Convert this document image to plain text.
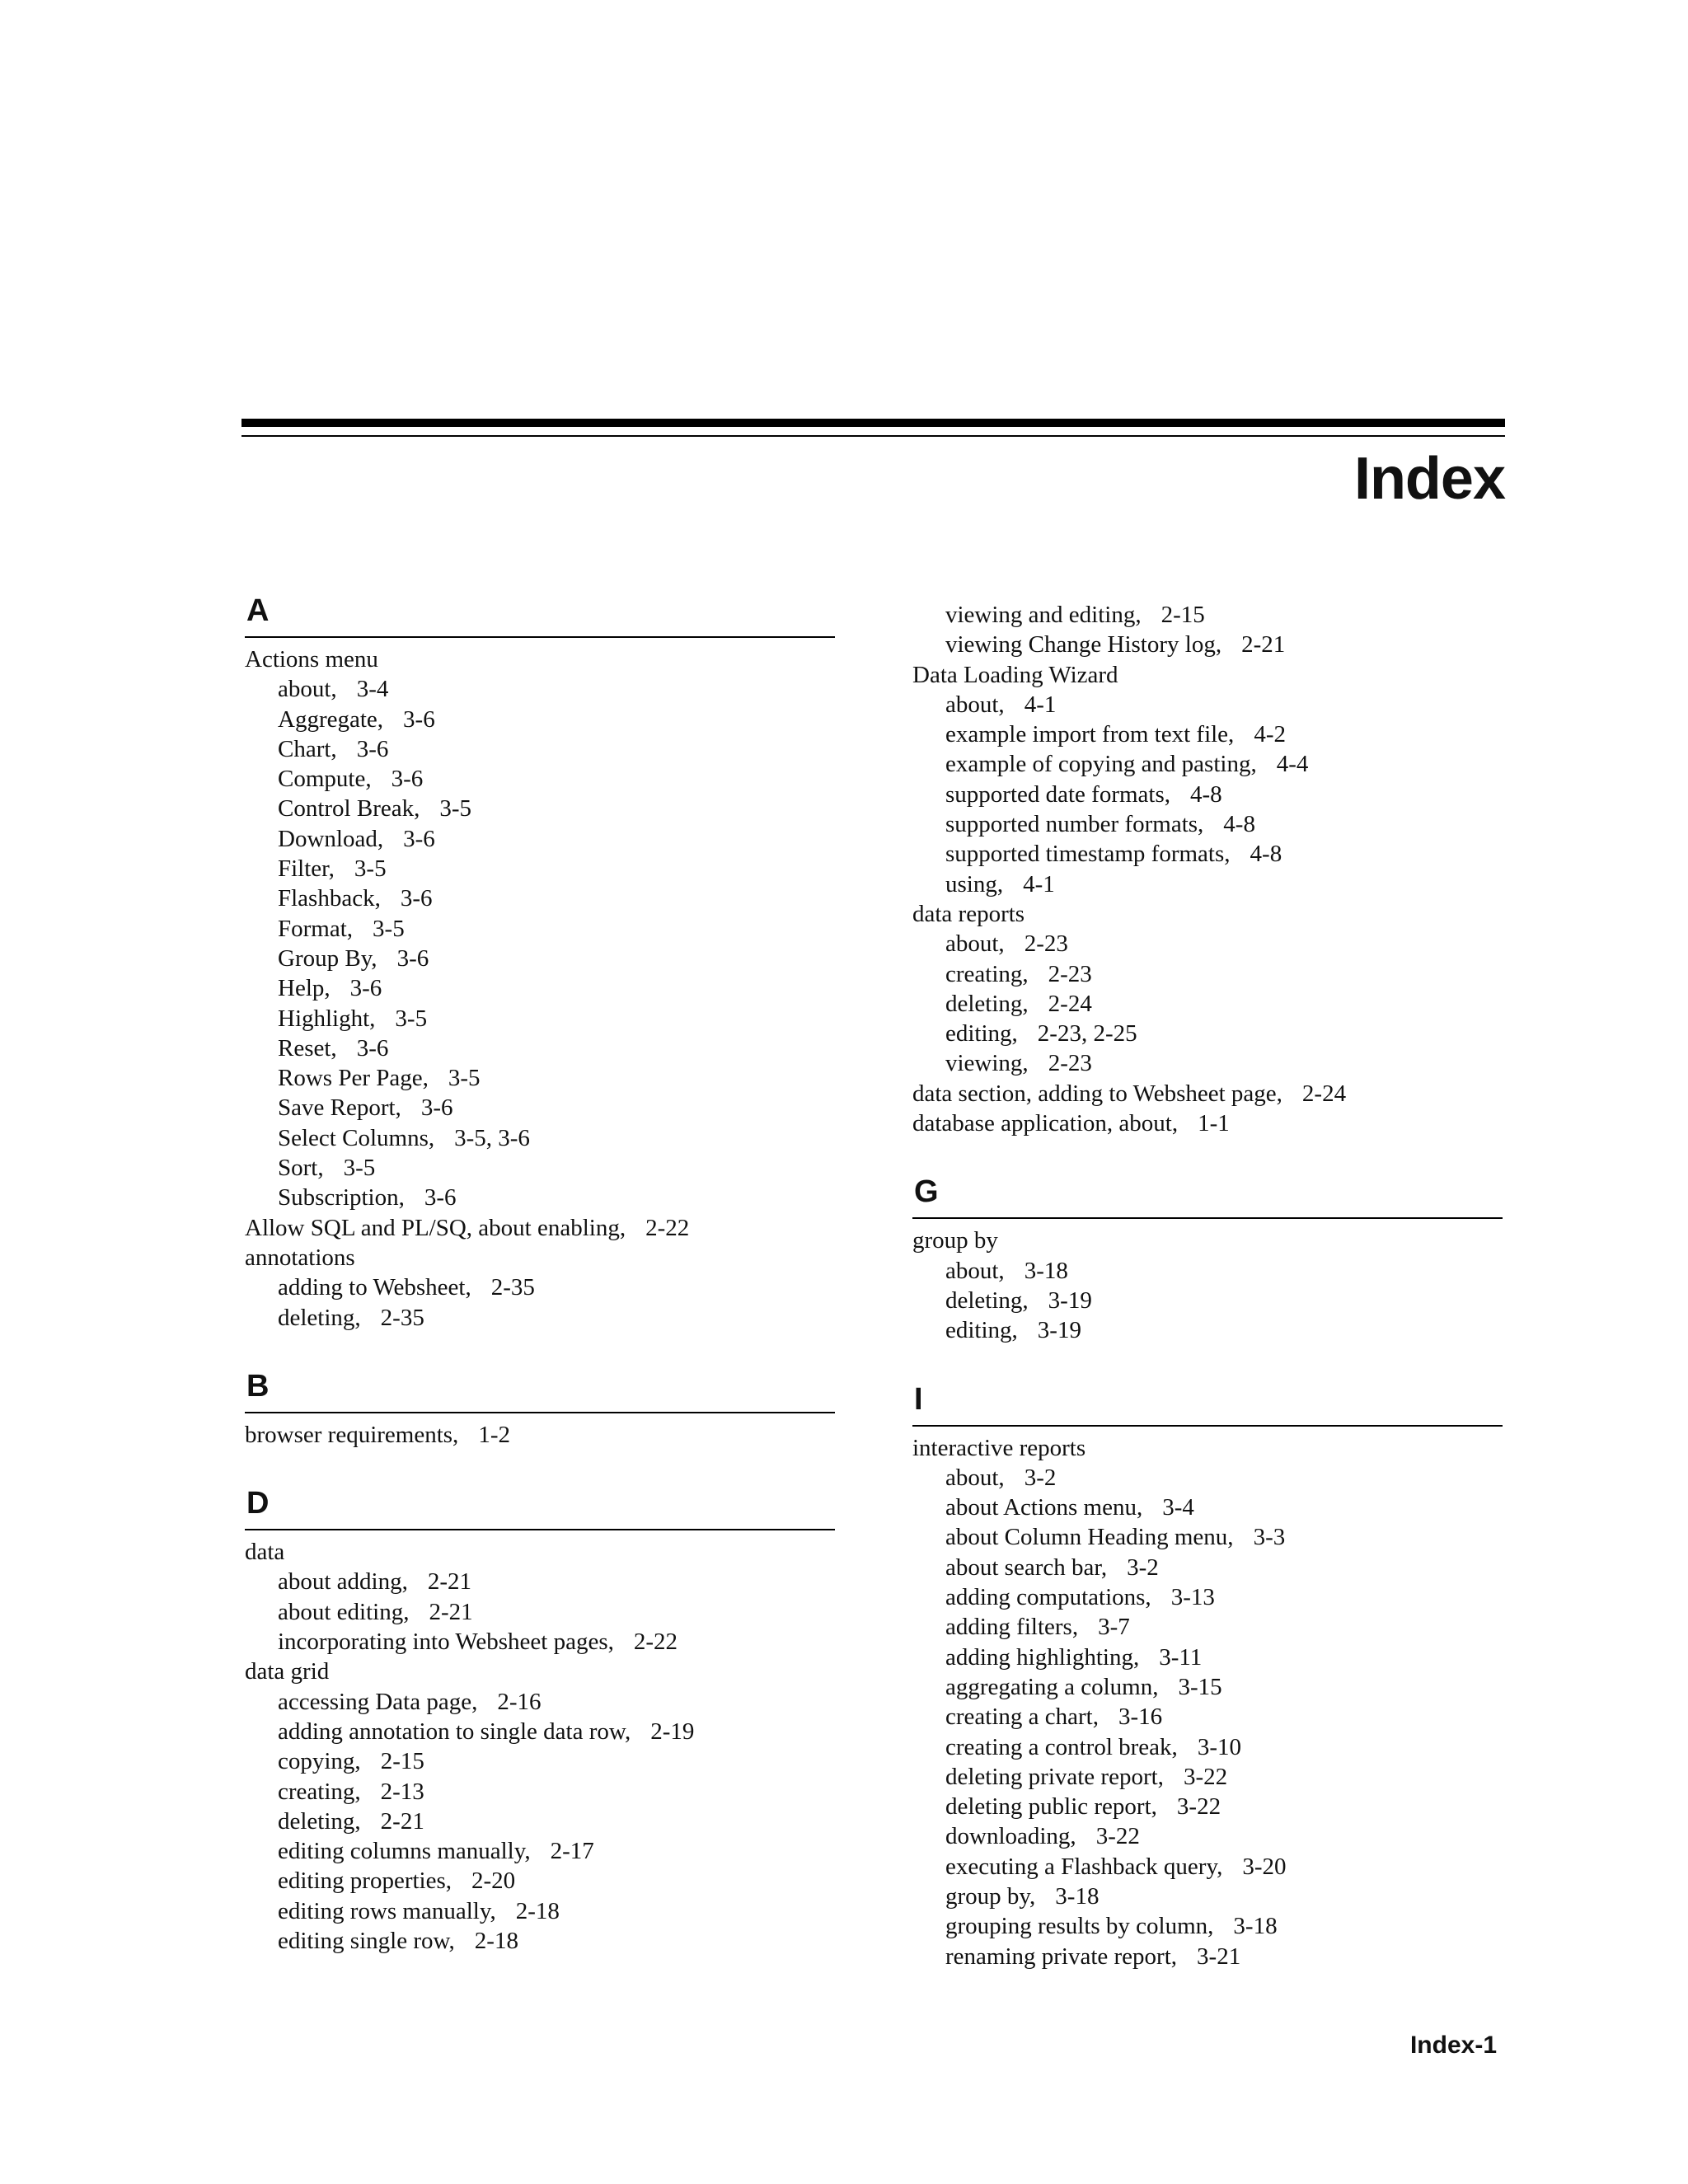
Index
A
Actions menu
about, 3-4
Aggregate, 3-6
Chart, 3-6
Compute, 3-6
Control Break, 3-5
Download, 3-6
Filter, 3-5
Flashback, 3-6
Format, 3-5
Group By, 3-6
Help, 3-6
Highlight, 3-5
Reset, 3-6
Rows Per Page, 3-5
Save Report, 3-6
Select Columns, 3-5, 3-6
Sort, 3-5
Subscription, 3-6
Allow SQL and PL/SQ, about enabling, 2-22
annotations
adding to Websheet, 2-35
deleting, 2-35
B
browser requirements, 1-2
D
data
about adding, 2-21
about editing, 2-21
incorporating into Websheet pages, 2-22
data grid
accessing Data page, 2-16
adding annotation to single data row, 2-19
copying, 2-15
creating, 2-13
deleting, 2-21
editing columns manually, 2-17
editing properties, 2-20
editing rows manually, 2-18
editing single row, 2-18
viewing and editing, 2-15
viewing Change History log, 2-21
Data Loading Wizard
about, 4-1
example import from text file, 4-2
example of copying and pasting, 4-4
supported date formats, 4-8
supported number formats, 4-8
supported timestamp formats, 4-8
using, 4-1
data reports
about, 2-23
creating, 2-23
deleting, 2-24
editing, 2-23, 2-25
viewing, 2-23
data section, adding to Websheet page, 2-24
database application, about, 1-1
G
group by
about, 3-18
deleting, 3-19
editing, 3-19
I
interactive reports
about, 3-2
about Actions menu, 3-4
about Column Heading menu, 3-3
about search bar, 3-2
adding computations, 3-13
adding filters, 3-7
adding highlighting, 3-11
aggregating a column, 3-15
creating a chart, 3-16
creating a control break, 3-10
deleting private report, 3-22
deleting public report, 3-22
downloading, 3-22
executing a Flashback query, 3-20
group by, 3-18
grouping results by column, 3-18
renaming private report, 3-21
Index-1
